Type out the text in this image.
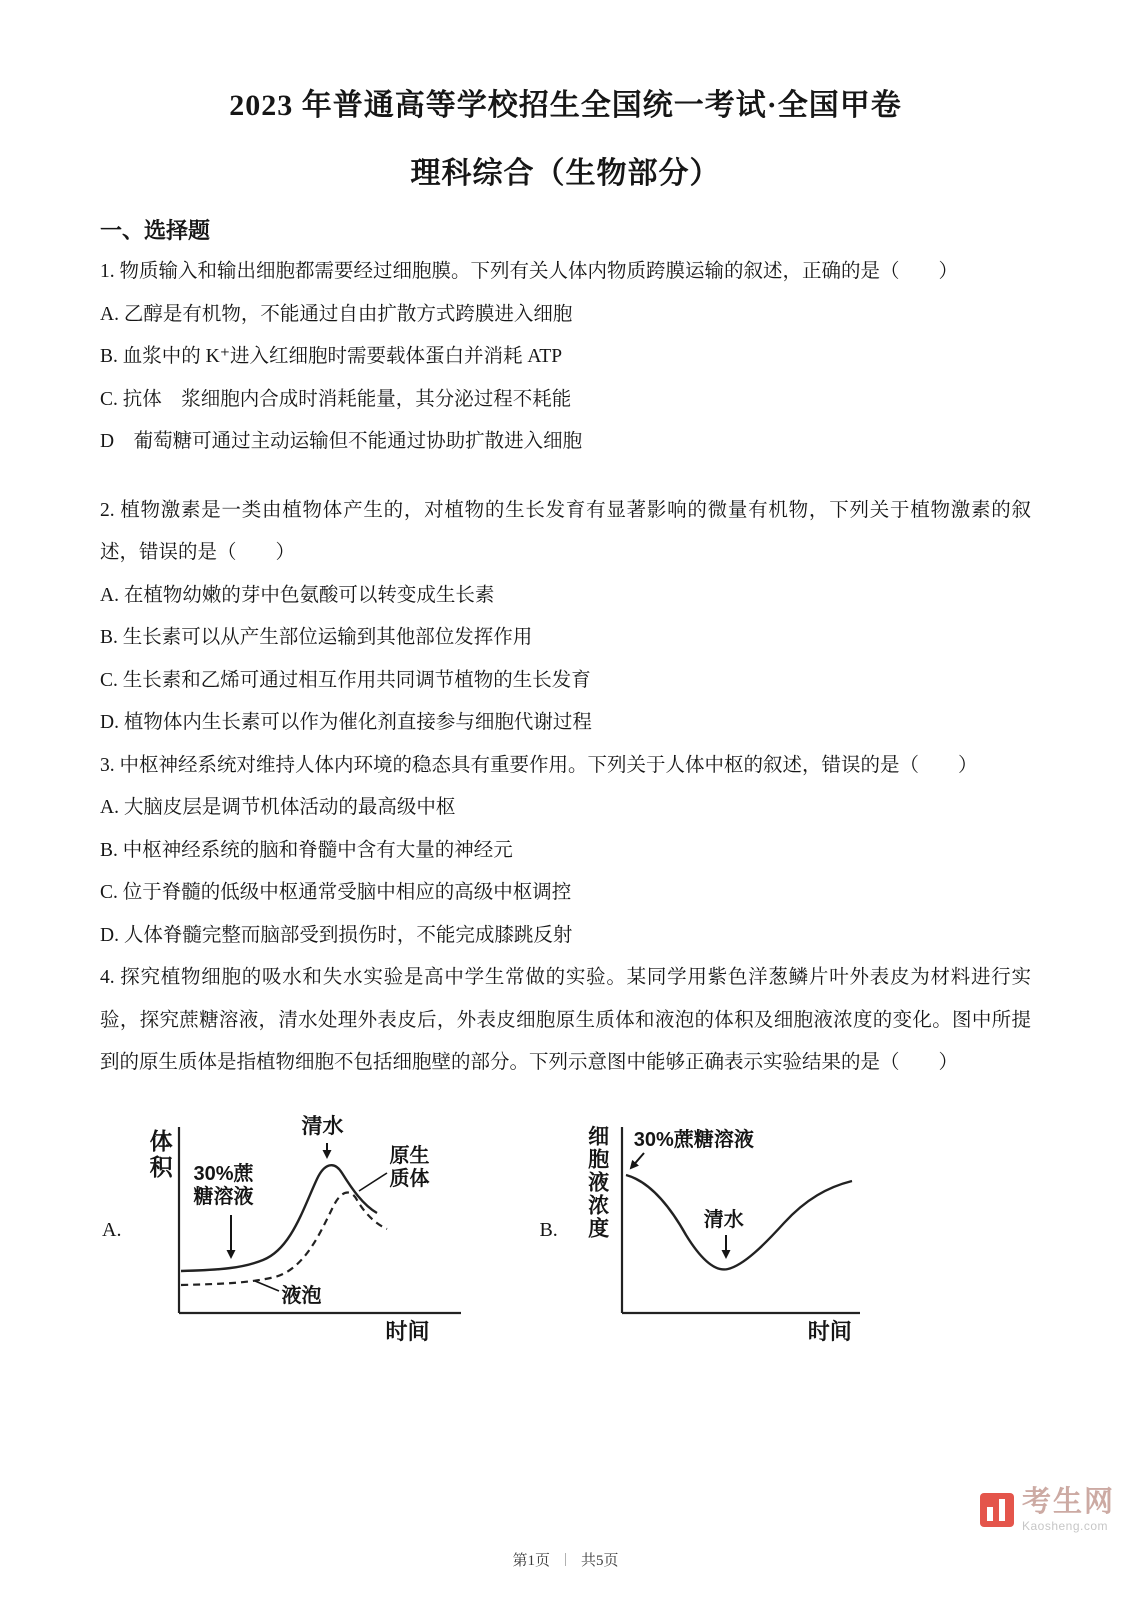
2023 年普通高等学校招生全国统一考试·全国甲卷
理科综合（生物部分）
一、选择题

1. 物质输入和输出细胞都需要经过细胞膜。下列有关人体内物质跨膜运输的叙述，正确的是（　　）

A. 乙醇是有机物，不能通过自由扩散方式跨膜进入细胞

B. 血浆中的 K⁺进入红细胞时需要载体蛋白并消耗 ATP

C. 抗体　浆细胞内合成时消耗能量，其分泌过程不耗能

D　葡萄糖可通过主动运输但不能通过协助扩散进入细胞

2. 植物激素是一类由植物体产生的，对植物的生长发育有显著影响的微量有机物，下列关于植物激素的叙述，错误的是（　　）

A. 在植物幼嫩的芽中色氨酸可以转变成生长素

B. 生长素可以从产生部位运输到其他部位发挥作用

C. 生长素和乙烯可通过相互作用共同调节植物的生长发育

D. 植物体内生长素可以作为催化剂直接参与细胞代谢过程

3. 中枢神经系统对维持人体内环境的稳态具有重要作用。下列关于人体中枢的叙述，错误的是（　　）

A. 大脑皮层是调节机体活动的最高级中枢

B. 中枢神经系统的脑和脊髓中含有大量的神经元

C. 位于脊髓的低级中枢通常受脑中相应的高级中枢调控

D. 人体脊髓完整而脑部受到损伤时，不能完成膝跳反射

4. 探究植物细胞的吸水和失水实验是高中学生常做的实验。某同学用紫色洋葱鳞片叶外表皮为材料进行实验，探究蔗糖溶液，清水处理外表皮后，外表皮细胞原生质体和液泡的体积及细胞液浓度的变化。图中所提到的原生质体是指植物细胞不包括细胞壁的部分。下列示意图中能够正确表示实验结果的是（　　）

A.
体积
清水
30%蔗糖溶液
原生质体
液泡
时间
B. 细胞液浓度 30%蔗糖溶液
清水
时间
第1页 | 共5页
考生网
Kaosheng.com
